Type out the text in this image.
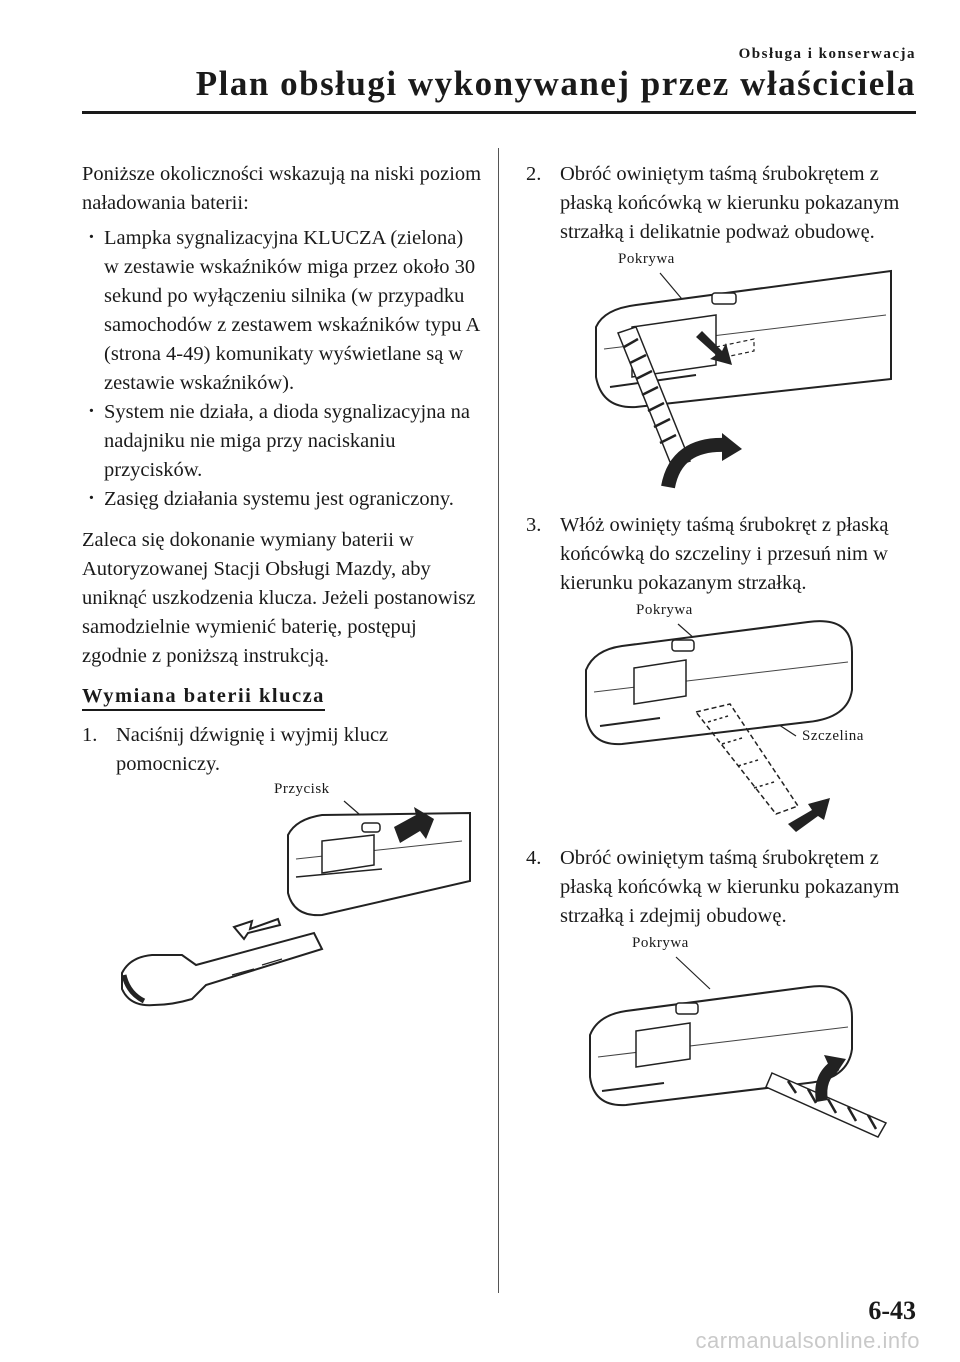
Obsługa i konserwacja
Plan obsługi wykonywanej przez właściciela

Poniższe okoliczności wskazują na niski poziom naładowania baterii:

· Lampka sygnalizacyjna KLUCZA (zielona) w zestawie wskaźników miga przez około 30 sekund po wyłączeniu silnika (w przypadku samochodów z zestawem wskaźników typu A (strona 4-49) komunikaty wyświetlane są w zestawie wskaźników).
· System nie działa, a dioda sygnalizacyjna na nadajniku nie miga przy naciskaniu przycisków.
· Zasięg działania systemu jest ograniczony.

Zaleca się dokonanie wymiany baterii w Autoryzowanej Stacji Obsługi Mazdy, aby uniknąć uszkodzenia klucza. Jeżeli postanowisz samodzielnie wymienić baterię, postępuj zgodnie z poniższą instrukcją.

Wymiana baterii klucza
1. Naciśnij dźwignię i wyjmij klucz pomocniczy.
Przycisk
2. Obróć owiniętym taśmą śrubokrętem z płaską końcówką w kierunku pokazanym strzałką i delikatnie podważ obudowę.
Pokrywa
3. Włóż owinięty taśmą śrubokręt z płaską końcówką do szczeliny i przesuń nim w kierunku pokazanym strzałką.
Pokrywa
Szczelina
4. Obróć owiniętym taśmą śrubokrętem z płaską końcówką w kierunku pokazanym strzałką i zdejmij obudowę.
Pokrywa
6-43
carmanualsonline.info
